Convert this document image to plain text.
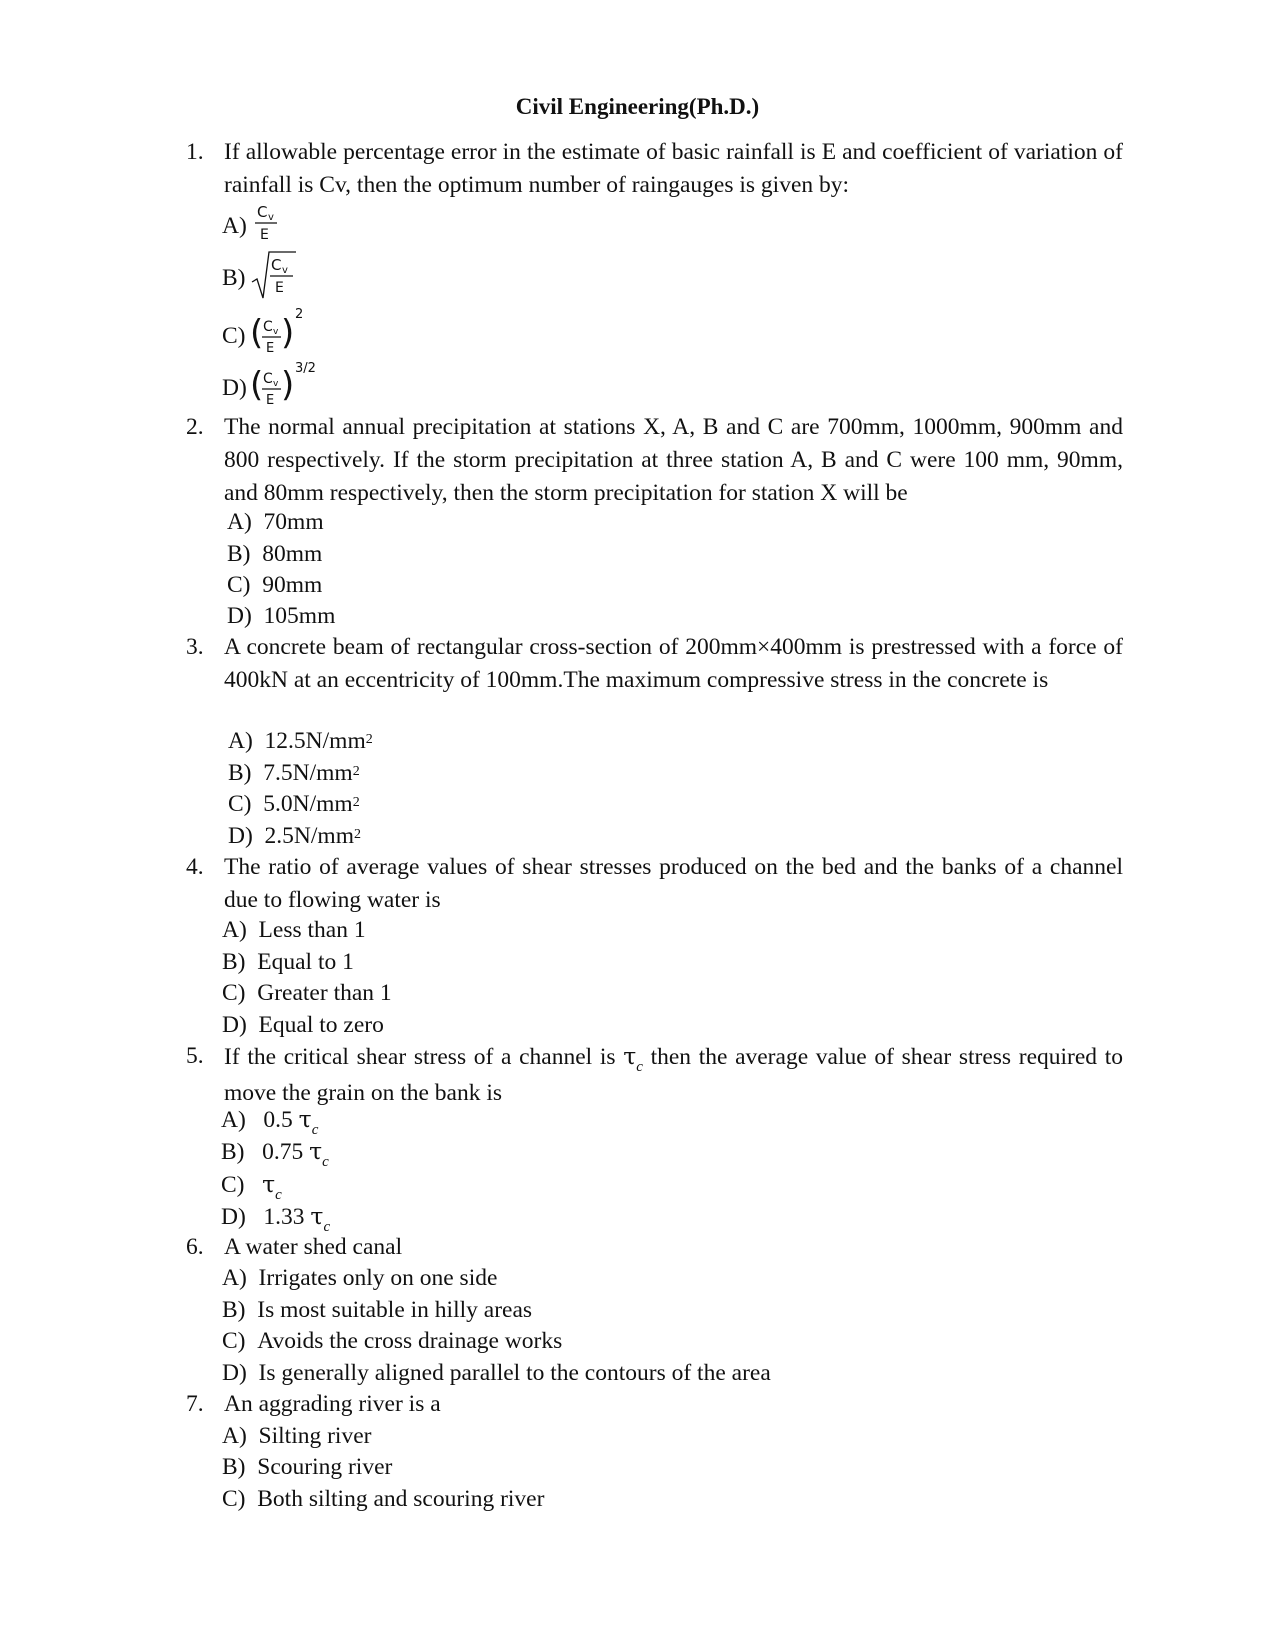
Civil Engineering(Ph.D.)
1. If allowable percentage error in the estimate of basic rainfall is E and coefficient of variation of rainfall is Cv, then the optimum number of raingauges is given by:
A)
C v
E
B) C v
E
C) ( C v
E ) 2
D) ( C v
E ) 3/2
2. The normal annual precipitation at stations X, A, B and C are 700mm, 1000mm, 900mm and 800 respectively. If the storm precipitation at three station A, B and C were 100 mm, 90mm, and 80mm respectively, then the storm precipitation for station X will be
A) 70mm
B) 80mm
C) 90mm
D) 105mm
3. A concrete beam of rectangular cross-section of 200mm×400mm is prestressed with a force of 400kN at an eccentricity of 100mm.The maximum compressive stress in the concrete is
A) $12.5N/mm^2$
B) $7.5N/mm^2$
C) $5.0N/mm^2$
D) $2.5N/mm^2$
4. The ratio of average values of shear stresses produced on the bed and the banks of a channel due to flowing water is
A) Less than 1
B) Equal to 1
C) Greater than 1
D) Equal to zero
5. If the critical shear stress of a channel is $\tau_c$ then the average value of shear stress required to move the grain on the bank is
A) 0.5 $\tau_c$
B) 0.75 $\tau_c$
C) $\tau_c$
D) 1.33 $\tau_c$
6. A water shed canal
A) Irrigates only on one side
B) Is most suitable in hilly areas
C) Avoids the cross drainage works
D) Is generally aligned parallel to the contours of the area
7. An aggrading river is a
A) Silting river
B) Scouring river
C) Both silting and scouring river
